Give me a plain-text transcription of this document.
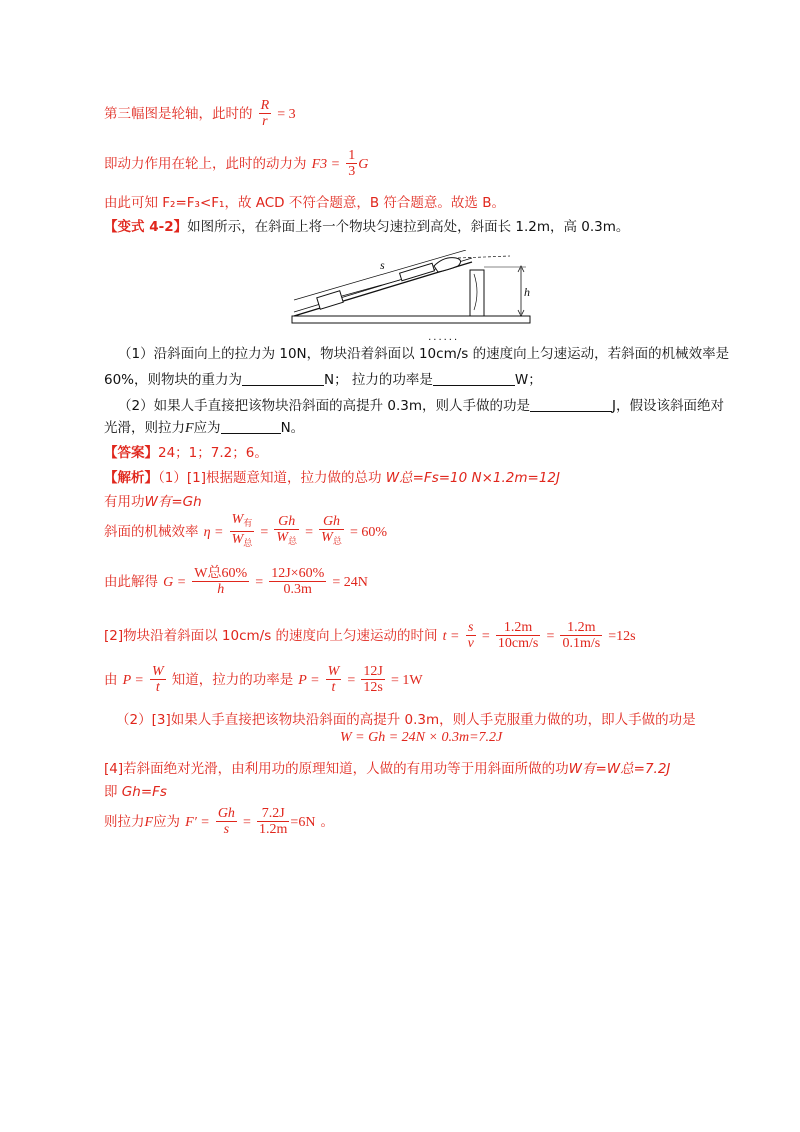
第三幅图是轮轴，此时的 $\frac{R}{r} = 3$
即动力作用在轮上，此时的动力为 $F3 = \frac{1}{3}$ G
由此可知 F₂=F₃<F₁，故 ACD 不符合题意，B 符合题意。故选 B。
【变式 4-2】如图所示，在斜面上将一个物块匀速拉到高处，斜面长 1.2m，高 0.3m。
h
s
（1）沿斜面向上的拉力为 10N，物块沿着斜面以
······
10cm/s 的速度向上匀速运动，若斜面的机械效率是
60%，则物块的重力为	N； 拉力的功率是	W；
（2）如果人手直接把该物块沿斜面的高提升 0.3m，则人手做的功是	J，假设该斜面绝对
光滑，则拉力F应为	N。
【答案】24；1；7.2；6。
【解析】（1）[1]根据题意知道，拉力做的总功 W总=Fs=10 N×1.2m=12J
有用功W有=Gh
斜面的机械效率 $\eta = \frac{W_有}{W_总} = \frac{Gh}{W_总} = \frac{Gh}{W_总} = 60\%$
由此解得 $G = \frac{\text{W总60\%}}{h} = \frac{12J\times 60\%}{0.3m} = 24N$
[2]物块沿着斜面以 10cm/s 的速度向上匀速运动的时间 $t = \frac{s}{v} = \frac{1.2m}{10cm/s} = \frac{1.2m}{0.1m/s} =12s$
由 $P = \frac{W}{t}$ 知道，拉力的功率是 $P = \frac{W}{t} = \frac{12J}{12s} = 1W$
（2）[3]如果人手直接把该物块沿斜面的高提升 0.3m，则人手克服重力做的功，即人手做的功是
W = Gh = 24N × 0.3m=7.2J
[4]若斜面绝对光滑，由利用功的原理知道，人做的有用功等于用斜面所做的功W有=W总=7.2J
即 Gh=Fs
则拉力F应为 $F' = \frac{Gh}{s} = \frac{7.2J}{1.2m} =6N$ 。
